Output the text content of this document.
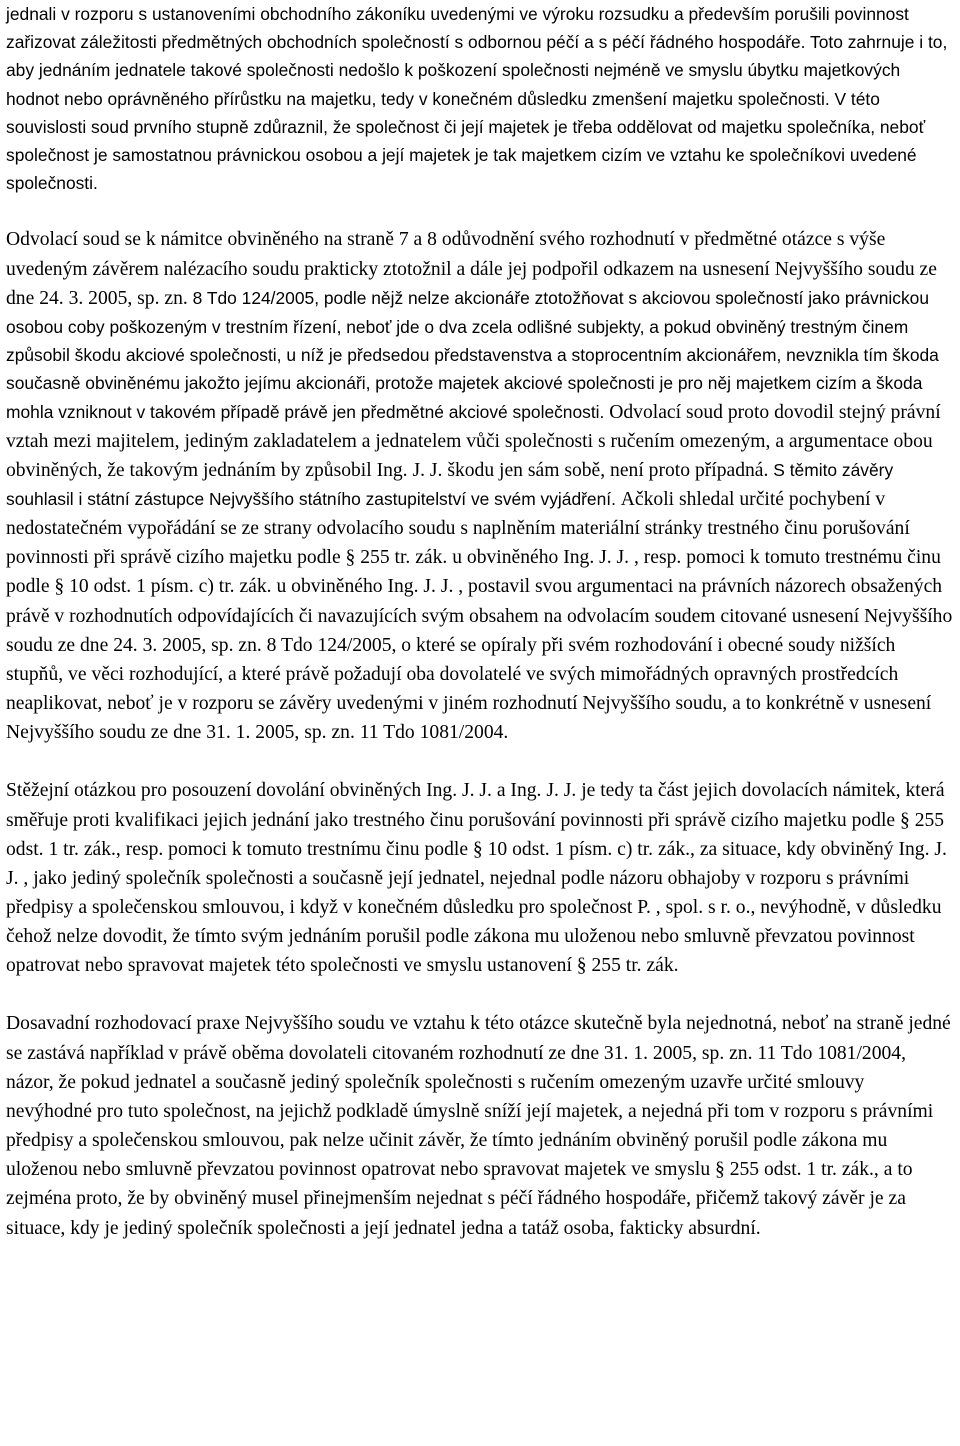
jednali v rozporu s ustanoveními obchodního zákoníku uvedenými ve výroku rozsudku a především porušili povinnost zařizovat záležitosti předmětných obchodních společností s odbornou péčí a s péčí řádného hospodáře. Toto zahrnuje i to, aby jednáním jednatele takové společnosti nedošlo k poškození společnosti nejméně ve smyslu úbytku majetkových hodnot nebo oprávněného přírůstku na majetku, tedy v konečném důsledku zmenšení majetku společnosti. V této souvislosti soud prvního stupně zdůraznil, že společnost či její majetek je třeba oddělovat od majetku společníka, neboť společnost je samostatnou právnickou osobou a její majetek je tak majetkem cizím ve vztahu ke společníkovi uvedené společnosti.

Odvolací soud se k námitce obviněného na straně 7 a 8 odůvodnění svého rozhodnutí v předmětné otázce s výše uvedeným závěrem nalézacího soudu prakticky ztotožnil a dále jej podpořil odkazem na usnesení Nejvyššího soudu ze dne 24. 3. 2005, sp. zn. 8 Tdo 124/2005, podle nějž nelze akcionáře ztotožňovat s akciovou společností jako právnickou osobou coby poškozeným v trestním řízení, neboť jde o dva zcela odlišné subjekty, a pokud obviněný trestným činem způsobil škodu akciové společnosti, u níž je předsedou představenstva a stoprocentním akcionářem, nevznikla tím škoda současně obviněnému jakožto jejímu akcionáři, protože majetek akciové společnosti je pro něj majetkem cizím a škoda mohla vzniknout v takovém případě právě jen předmětné akciové společnosti. Odvolací soud proto dovodil stejný právní vztah mezi majitelem, jediným zakladatelem a jednatelem vůči společnosti s ručením omezeným, a argumentace obou obviněných, že takovým jednáním by způsobil Ing. J. J. škodu jen sám sobě, není proto případná. S těmito závěry souhlasil i státní zástupce Nejvyššího státního zastupitelství ve svém vyjádření. Ačkoli shledal určité pochybení v nedostatečném vypořádání se ze strany odvolacího soudu s naplněním materiální stránky trestného činu porušování povinnosti při správě cizího majetku podle § 255 tr. zák. u obviněného Ing. J. J. , resp. pomoci k tomuto trestnému činu podle § 10 odst. 1 písm. c) tr. zák. u obviněného Ing. J. J. , postavil svou argumentaci na právních názorech obsažených právě v rozhodnutích odpovídajících či navazujících svým obsahem na odvolacím soudem citované usnesení Nejvyššího soudu ze dne 24. 3. 2005, sp. zn. 8 Tdo 124/2005, o které se opíraly při svém rozhodování i obecné soudy nižších stupňů, ve věci rozhodující, a které právě požadují oba dovolatelé ve svých mimořádných opravných prostředcích neaplikovat, neboť je v rozporu se závěry uvedenými v jiném rozhodnutí Nejvyššího soudu, a to konkrétně v usnesení Nejvyššího soudu ze dne 31. 1. 2005, sp. zn. 11 Tdo 1081/2004.

Stěžejní otázkou pro posouzení dovolání obviněných Ing. J. J. a Ing. J. J. je tedy ta část jejich dovolacích námitek, která směřuje proti kvalifikaci jejich jednání jako trestného činu porušování povinnosti při správě cizího majetku podle § 255 odst. 1 tr. zák., resp. pomoci k tomuto trestnímu činu podle § 10 odst. 1 písm. c) tr. zák., za situace, kdy obviněný Ing. J. J. , jako jediný společník společnosti a současně její jednatel, nejednal podle názoru obhajoby v rozporu s právními předpisy a společenskou smlouvou, i když v konečném důsledku pro společnost P. , spol. s r. o., nevýhodně, v důsledku čehož nelze dovodit, že tímto svým jednáním porušil podle zákona mu uloženou nebo smluvně převzatou povinnost opatrovat nebo spravovat majetek této společnosti ve smyslu ustanovení § 255 tr. zák.

Dosavadní rozhodovací praxe Nejvyššího soudu ve vztahu k této otázce skutečně byla nejednotná, neboť na straně jedné se zastává například v právě oběma dovolateli citovaném rozhodnutí ze dne 31. 1. 2005, sp. zn. 11 Tdo 1081/2004, názor, že pokud jednatel a současně jediný společník společnosti s ručením omezeným uzavře určité smlouvy nevýhodné pro tuto společnost, na jejichž podkladě úmyslně sníží její majetek, a nejedná při tom v rozporu s právními předpisy a společenskou smlouvou, pak nelze učinit závěr, že tímto jednáním obviněný porušil podle zákona mu uloženou nebo smluvně převzatou povinnost opatrovat nebo spravovat majetek ve smyslu § 255 odst. 1 tr. zák., a to zejména proto, že by obviněný musel přinejmenším nejednat s péčí řádného hospodáře, přičemž takový závěr je za situace, kdy je jediný společník společnosti a její jednatel jedna a tatáž osoba, fakticky absurdní.
